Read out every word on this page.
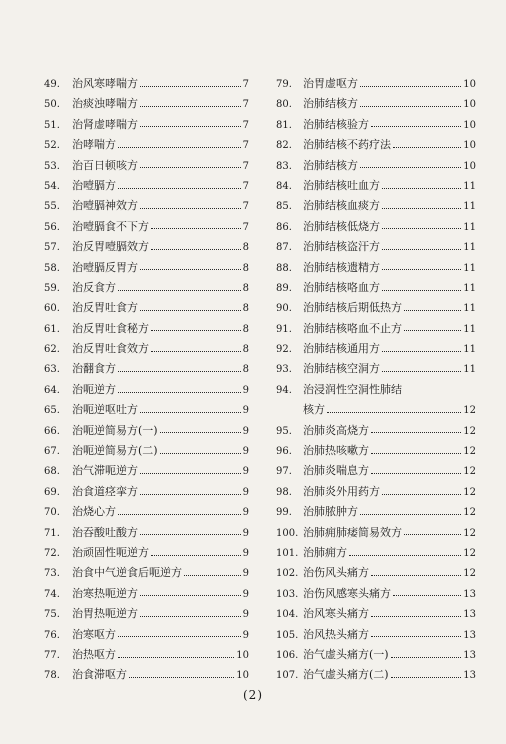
49.	治风寒哮喘方	7
50.	治痰浊哮喘方	7
51.	治肾虚哮喘方	7
52.	治哮喘方	7
53.	治百日顿咳方	7
54.	治噎膈方	7
55.	治噎膈神效方	7
56.	治噎膈食不下方	7
57.	治反胃噎膈效方	8
58.	治噎膈反胃方	8
59.	治反食方	8
60.	治反胃吐食方	8
61.	治反胃吐食秘方	8
62.	治反胃吐食效方	8
63.	治翻食方	8
64.	治呃逆方	9
65.	治呃逆呕吐方	9
66.	治呃逆简易方(一)	9
67.	治呃逆简易方(二)	9
68.	治气滞呃逆方	9
69.	治食道痉挛方	9
70.	治烧心方	9
71.	治吞酸吐酸方	9
72.	治顽固性呃逆方	9
73.	治食中气逆食后呃逆方	9
74.	治寒热呃逆方	9
75.	治胃热呃逆方	9
76.	治寒呕方	9
77.	治热呕方	10
78.	治食滞呕方	10
79.	治胃虚呕方	10
80.	治肺结核方	10
81.	治肺结核验方	10
82.	治肺结核不药疗法	10
83.	治肺结核方	10
84.	治肺结核吐血方	11
85.	治肺结核血痰方	11
86.	治肺结核低烧方	11
87.	治肺结核盗汗方	11
88.	治肺结核遗精方	11
89.	治肺结核咯血方	11
90.	治肺结核后期低热方	11
91.	治肺结核咯血不止方	11
92.	治肺结核通用方	11
93.	治肺结核空洞方	11
94.	治浸润性空洞性肺结
核方	12
95.	治肺炎高烧方	12
96.	治肺热咳嗽方	12
97.	治肺炎喘息方	12
98.	治肺炎外用药方	12
99.	治肺脓肿方	12
100. 治肺痈肺痿简易效方	12
101. 治肺痈方	12
102. 治伤风头痛方	12
103. 治伤风感寒头痛方	13
104. 治风寒头痛方	13
105. 治风热头痛方	13
106. 治气虚头痛方(一)	13
107. 治气虚头痛方(二)	13
(2)
